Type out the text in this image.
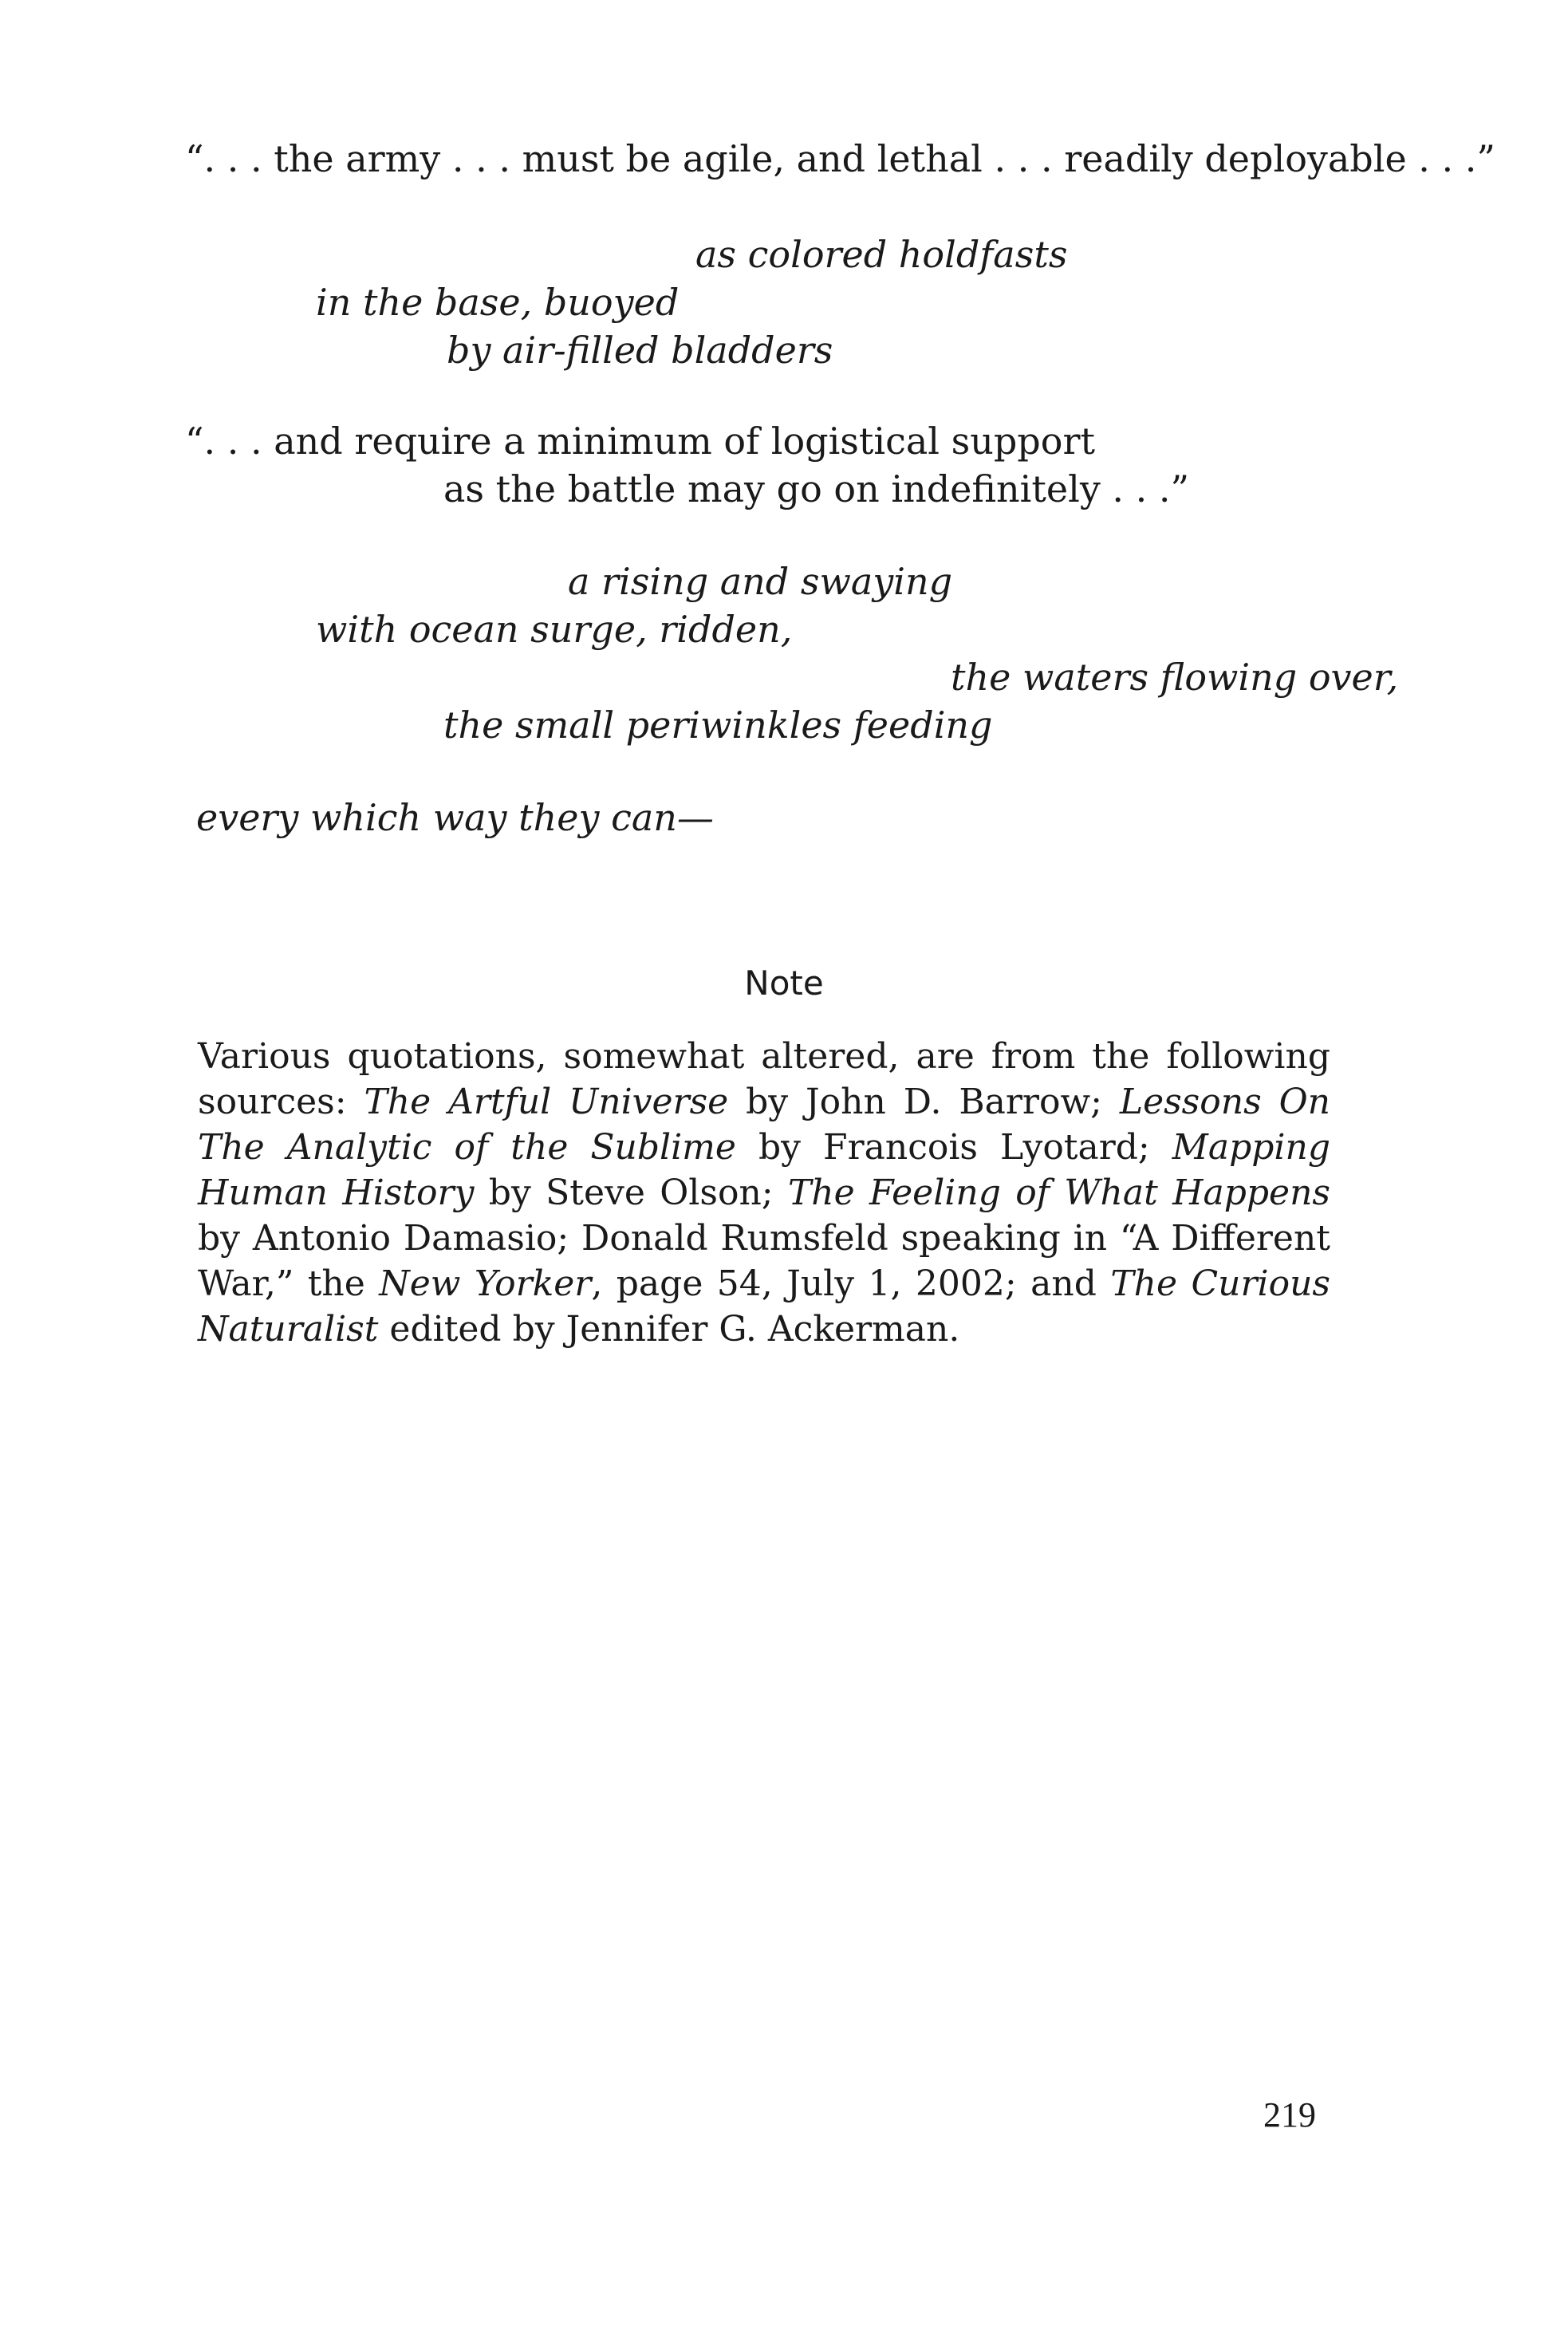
“. . . the army . . . must be agile, and lethal . . . readily deployable . . .”
as colored holdfasts
in the base, buoyed
by air-filled bladders
“. . . and require a minimum of logistical support
as the battle may go on indefinitely . . .”
a rising and swaying
with ocean surge, ridden,
the waters flowing over,
the small periwinkles feeding
every which way they can—
Note
Various quotations, somewhat altered, are from the following sources: The Artful Universe by John D. Barrow; Lessons On The Analytic of the Sublime by Francois Lyotard; Mapping Human History by Steve Olson; The Feeling of What Happens by Antonio Damasio; Donald Rumsfeld speaking in “A Different War,” the New Yorker, page 54, July 1, 2002; and The Curious Naturalist edited by Jennifer G. Ackerman.
219
